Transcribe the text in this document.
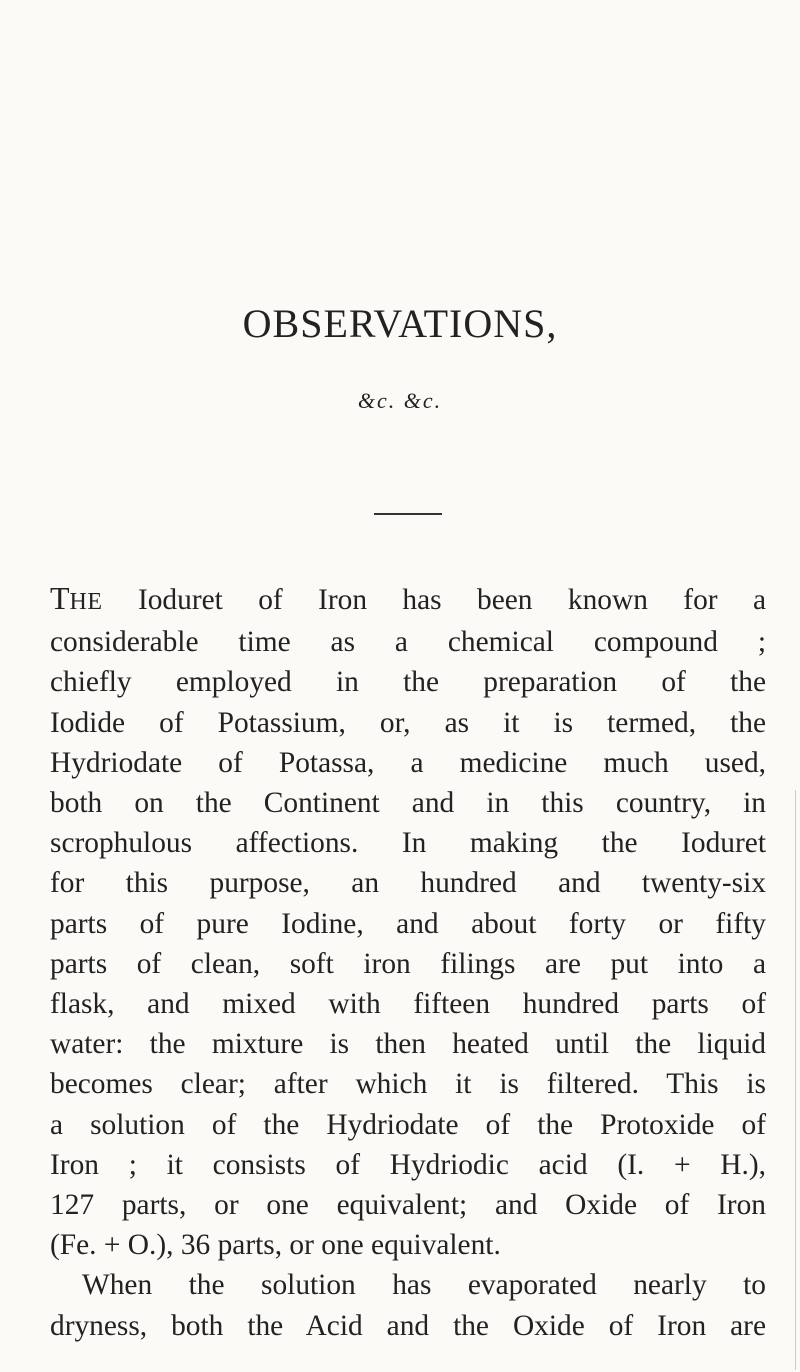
OBSERVATIONS,
&c. &c.
THE Ioduret of Iron has been known for a
considerable time as a chemical compound ;
chiefly employed in the preparation of the
Iodide of Potassium, or, as it is termed, the
Hydriodate of Potassa, a medicine much used,
both on the Continent and in this country, in
scrophulous affections. In making the Ioduret
for this purpose, an hundred and twenty-six
parts of pure Iodine, and about forty or fifty
parts of clean, soft iron filings are put into a
flask, and mixed with fifteen hundred parts of
water: the mixture is then heated until the liquid
becomes clear; after which it is filtered. This is
a solution of the Hydriodate of the Protoxide of
Iron ; it consists of Hydriodic acid (I. + H.),
127 parts, or one equivalent; and Oxide of Iron
(Fe. + O.), 36 parts, or one equivalent.
When the solution has evaporated nearly to
dryness, both the Acid and the Oxide of Iron are
